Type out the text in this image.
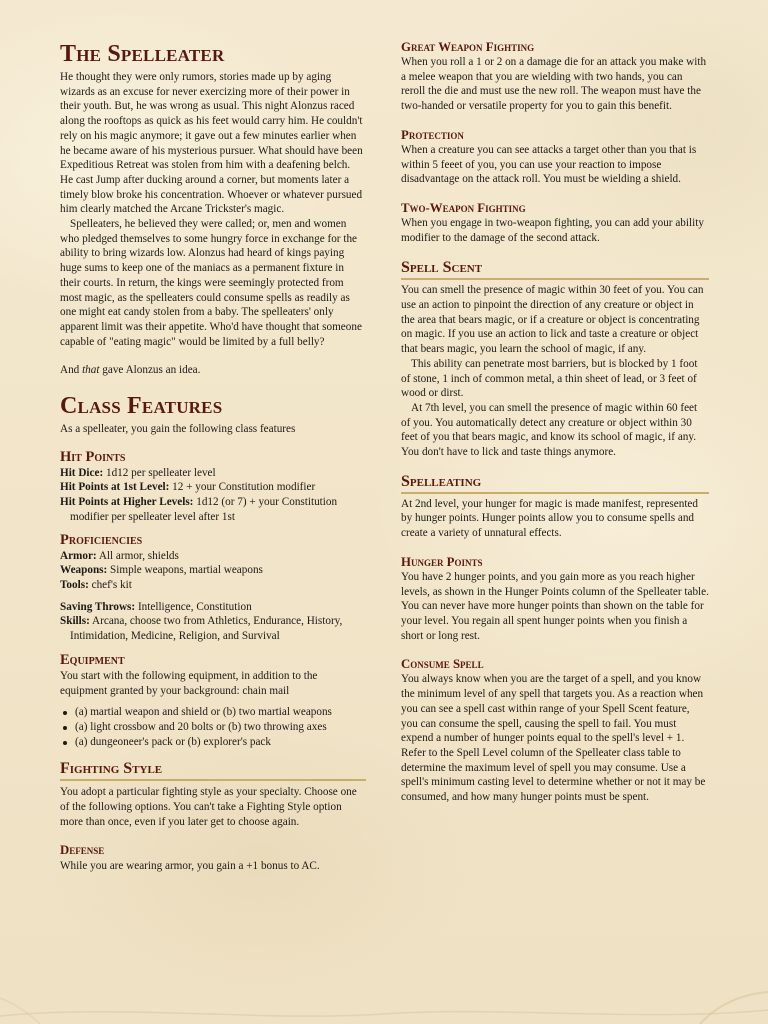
The Spelleater

He thought they were only rumors, stories made up by aging wizards as an excuse for never exercizing more of their power in their youth. But, he was wrong as usual. This night Alonzus raced along the rooftops as quick as his feet would carry him. He couldn't rely on his magic anymore; it gave out a few minutes earlier when he became aware of his mysterious pursuer. What should have been Expeditious Retreat was stolen from him with a deafening belch. He cast Jump after ducking around a corner, but moments later a timely blow broke his concentration. Whoever or whatever pursued him clearly matched the Arcane Trickster's magic.

Spelleaters, he believed they were called; or, men and women who pledged themselves to some hungry force in exchange for the ability to bring wizards low. Alonzus had heard of kings paying huge sums to keep one of the maniacs as a permanent fixture in their courts. In return, the kings were seemingly protected from most magic, as the spelleaters could consume spells as readily as one might eat candy stolen from a baby. The spelleaters' only apparent limit was their appetite. Who'd have thought that someone capable of "eating magic" would be limited by a full belly?

And that gave Alonzus an idea.

Class Features

As a spelleater, you gain the following class features

Hit Points
Hit Dice: 1d12 per spelleater level
Hit Points at 1st Level: 12 + your Constitution modifier
Hit Points at Higher Levels: 1d12 (or 7) + your Constitution modifier per spelleater level after 1st
Proficiencies
Armor: All armor, shields
Weapons: Simple weapons, martial weapons
Tools: chef's kit
Saving Throws: Intelligence, Constitution
Skills: Arcana, choose two from Athletics, Endurance, History, Intimidation, Medicine, Religion, and Survival
Equipment

You start with the following equipment, in addition to the equipment granted by your background: chain mail

(a) martial weapon and shield or (b) two martial weapons
(a) light crossbow and 20 bolts or (b) two throwing axes
(a) dungeoneer's pack or (b) explorer's pack
Fighting Style

You adopt a particular fighting style as your specialty. Choose one of the following options. You can't take a Fighting Style option more than once, even if you later get to choose again.

Defense

While you are wearing armor, you gain a +1 bonus to AC.

Great Weapon Fighting

When you roll a 1 or 2 on a damage die for an attack you make with a melee weapon that you are wielding with two hands, you can reroll the die and must use the new roll. The weapon must have the two-handed or versatile property for you to gain this benefit.

Protection

When a creature you can see attacks a target other than you that is within 5 feeet of you, you can use your reaction to impose disadvantage on the attack roll. You must be wielding a shield.

Two-Weapon Fighting

When you engage in two-weapon fighting, you can add your ability modifier to the damage of the second attack.

Spell Scent

You can smell the presence of magic within 30 feet of you. You can use an action to pinpoint the direction of any creature or object in the area that bears magic, or if a creature or object is concentrating on magic. If you use an action to lick and taste a creature or object that bears magic, you learn the school of magic, if any.

This ability can penetrate most barriers, but is blocked by 1 foot of stone, 1 inch of common metal, a thin sheet of lead, or 3 feet of wood or dirst.

At 7th level, you can smell the presence of magic within 60 feet of you. You automatically detect any creature or object within 30 feet of you that bears magic, and know its school of magic, if any. You don't have to lick and taste things anymore.

Spelleating

At 2nd level, your hunger for magic is made manifest, represented by hunger points. Hunger points allow you to consume spells and create a variety of unnatural effects.

Hunger Points

You have 2 hunger points, and you gain more as you reach higher levels, as shown in the Hunger Points column of the Spelleater table. You can never have more hunger points than shown on the table for your level. You regain all spent hunger points when you finish a short or long rest.

Consume Spell

You always know when you are the target of a spell, and you know the minimum level of any spell that targets you. As a reaction when you can see a spell cast within range of your Spell Scent feature, you can consume the spell, causing the spell to fail. You must expend a number of hunger points equal to the spell's level + 1. Refer to the Spell Level column of the Spelleater class table to determine the maximum level of spell you may consume. Use a spell's minimum casting level to determine whether or not it may be consumed, and how many hunger points must be spent.
